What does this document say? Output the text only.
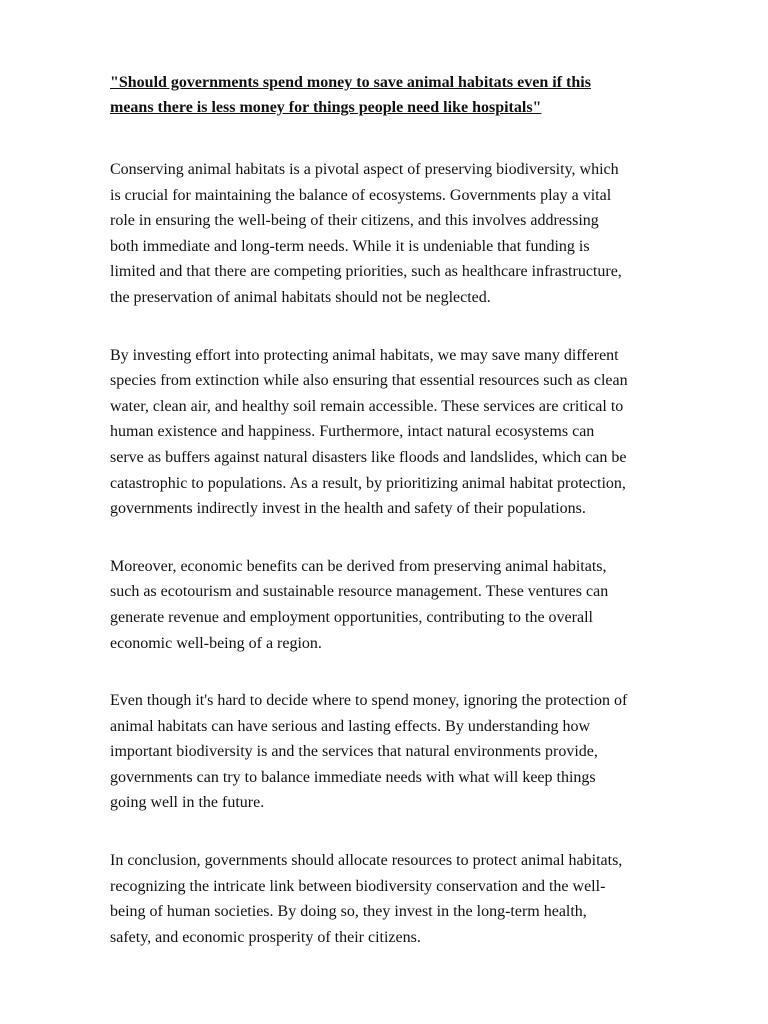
"Should governments spend money to save animal habitats even if this
means there is less money for things people need like hospitals"
Conserving animal habitats is a pivotal aspect of preserving biodiversity, which
is crucial for maintaining the balance of ecosystems. Governments play a vital
role in ensuring the well-being of their citizens, and this involves addressing
both immediate and long-term needs. While it is undeniable that funding is
limited and that there are competing priorities, such as healthcare infrastructure,
the preservation of animal habitats should not be neglected.
By investing effort into protecting animal habitats, we may save many different
species from extinction while also ensuring that essential resources such as clean
water, clean air, and healthy soil remain accessible. These services are critical to
human existence and happiness. Furthermore, intact natural ecosystems can
serve as buffers against natural disasters like floods and landslides, which can be
catastrophic to populations. As a result, by prioritizing animal habitat protection,
governments indirectly invest in the health and safety of their populations.
Moreover, economic benefits can be derived from preserving animal habitats,
such as ecotourism and sustainable resource management. These ventures can
generate revenue and employment opportunities, contributing to the overall
economic well-being of a region.
Even though it's hard to decide where to spend money, ignoring the protection of
animal habitats can have serious and lasting effects. By understanding how
important biodiversity is and the services that natural environments provide,
governments can try to balance immediate needs with what will keep things
going well in the future.
In conclusion, governments should allocate resources to protect animal habitats,
recognizing the intricate link between biodiversity conservation and the well-
being of human societies. By doing so, they invest in the long-term health,
safety, and economic prosperity of their citizens.
